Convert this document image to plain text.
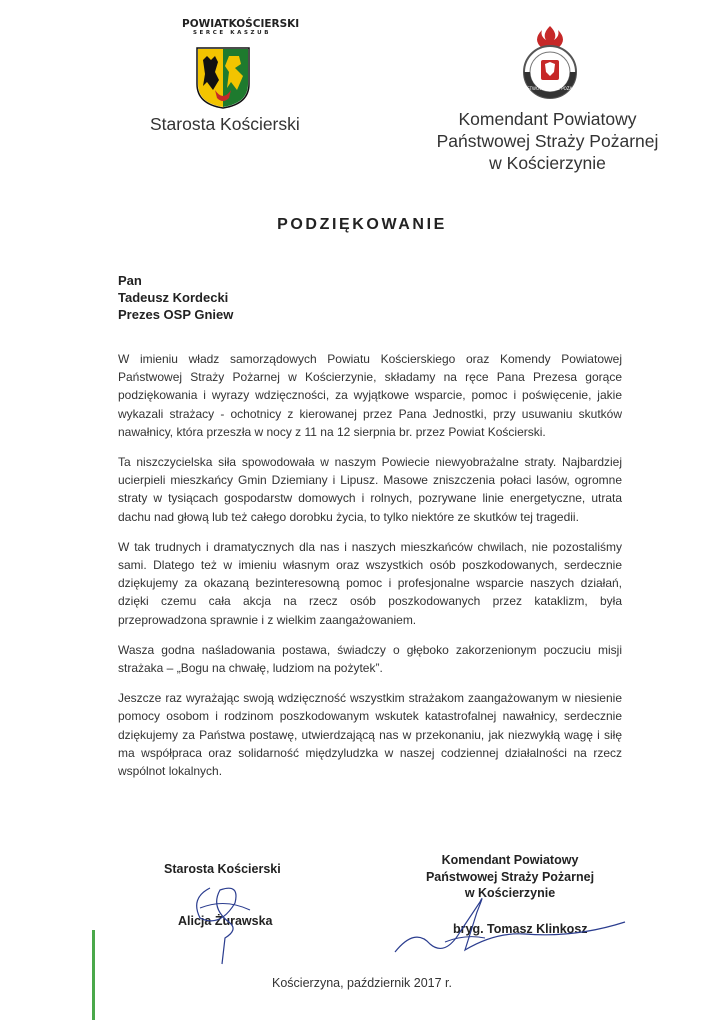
POWIATKOŚCIERSKI
SERCE KASZUB
Starosta Kościerski
PAŃSTWOWA STRAŻ POŻARNA
Komendant Powiatowy
Państwowej Straży Pożarnej
w Kościerzynie
PODZIĘKOWANIE
Pan
Tadeusz Kordecki
Prezes OSP Gniew

W imieniu władz samorządowych Powiatu Kościerskiego oraz Komendy Powiatowej Państwowej Straży Pożarnej w Kościerzynie, składamy na ręce Pana Prezesa gorące podziękowania i wyrazy wdzięczności, za wyjątkowe wsparcie, pomoc i poświęcenie, jakie wykazali strażacy - ochotnicy z kierowanej przez Pana Jednostki, przy usuwaniu skutków nawałnicy, która przeszła w nocy z 11 na 12 sierpnia br. przez Powiat Kościerski.

Ta niszczycielska siła spowodowała w naszym Powiecie niewyobrażalne straty. Najbardziej ucierpieli mieszkańcy Gmin Dziemiany i Lipusz. Masowe zniszczenia połaci lasów, ogromne straty w tysiącach gospodarstw domowych i rolnych, pozrywane linie energetyczne, utrata dachu nad głową lub też całego dorobku życia, to tylko niektóre ze skutków tej tragedii.

W tak trudnych i dramatycznych dla nas i naszych mieszkańców chwilach, nie pozostaliśmy sami. Dlatego też w imieniu własnym oraz wszystkich osób poszkodowanych, serdecznie dziękujemy za okazaną bezinteresowną pomoc i profesjonalne wsparcie naszych działań, dzięki czemu cała akcja na rzecz osób poszkodowanych przez kataklizm, była przeprowadzona sprawnie i z wielkim zaangażowaniem.

Wasza godna naśladowania postawa, świadczy o głęboko zakorzenionym poczuciu misji strażaka – „Bogu na chwałę, ludziom na pożytek”.

Jeszcze raz wyrażając swoją wdzięczność wszystkim strażakom zaangażowanym w niesienie pomocy osobom i rodzinom poszkodowanym wskutek katastrofalnej nawałnicy, serdecznie dziękujemy za Państwa postawę, utwierdzającą nas w przekonaniu, jak niezwykłą wagę i siłę ma współpraca oraz solidarność międzyludzka w naszej codziennej działalności na rzecz wspólnot lokalnych.

Starosta Kościerski
Alicja Żurawska
Komendant Powiatowy
Państwowej Straży Pożarnej
w Kościerzynie
bryg. Tomasz Klinkosz
Kościerzyna, październik 2017 r.
